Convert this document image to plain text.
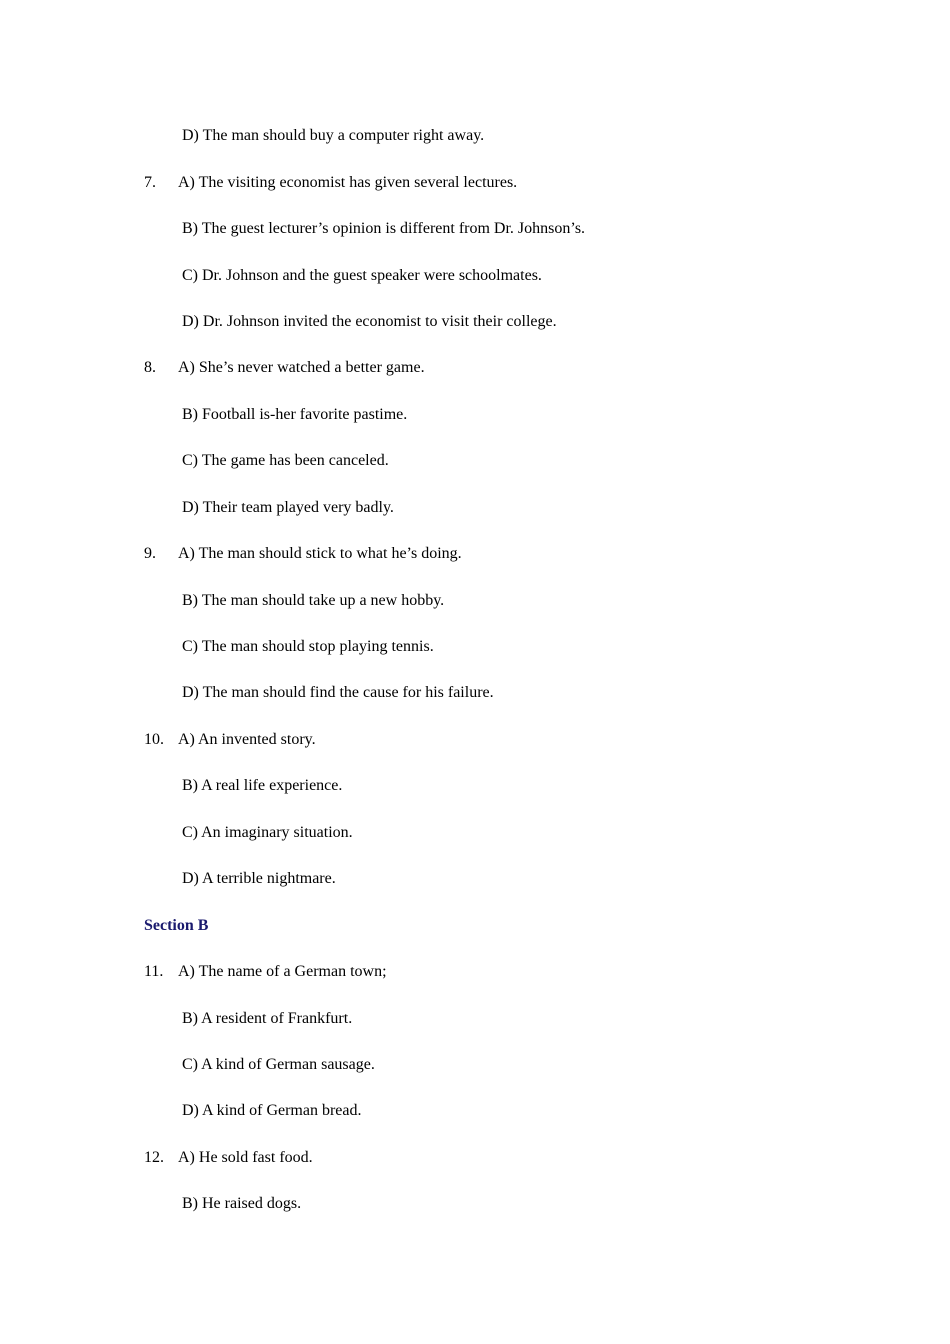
D) The man should buy a computer right away.
7. A) The visiting economist has given several lectures.
B) The guest lecturer’s opinion is different from Dr. Johnson’s.
C) Dr. Johnson and the guest speaker were schoolmates.
D) Dr. Johnson invited the economist to visit their college.
8. A) She’s never watched a better game.
B) Football is-her favorite pastime.
C) The game has been canceled.
D) Their team played very badly.
9. A) The man should stick to what he’s doing.
B) The man should take up a new hobby.
C) The man should stop playing tennis.
D) The man should find the cause for his failure.
10. A) An invented story.
B) A real life experience.
C) An imaginary situation.
D) A terrible nightmare.
Section B
11. A) The name of a German town;
B) A resident of Frankfurt.
C) A kind of German sausage.
D) A kind of German bread.
12. A) He sold fast food.
B) He raised dogs.
